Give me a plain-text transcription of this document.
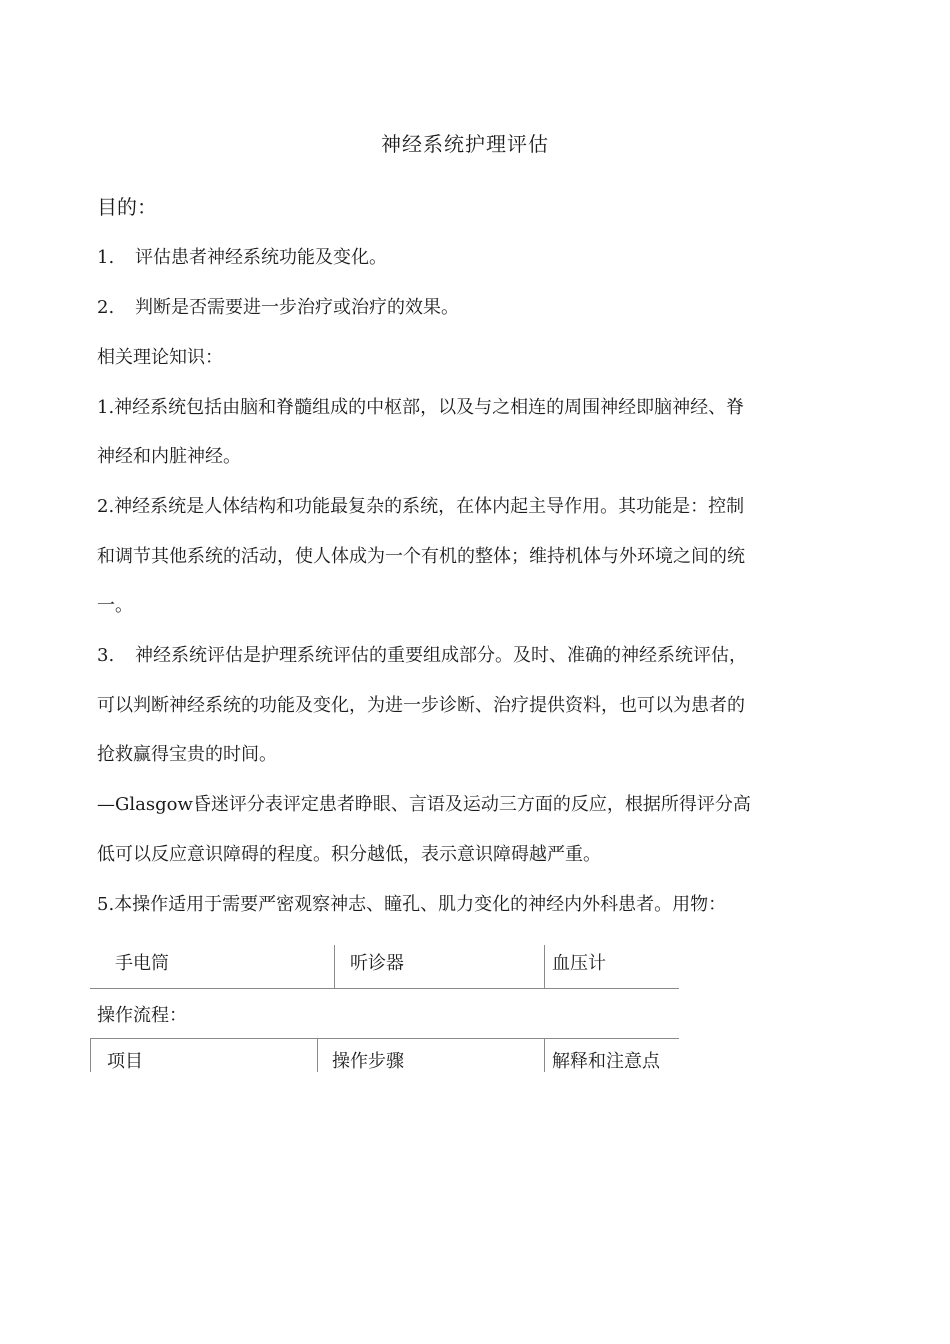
神经系统护理评估
目的：
1. 评估患者神经系统功能及变化。
2. 判断是否需要进一步治疗或治疗的效果。
相关理论知识：
1.神经系统包括由脑和脊髓组成的中枢部，以及与之相连的周围神经即脑神经、脊
神经和内脏神经。
2.神经系统是人体结构和功能最复杂的系统，在体内起主导作用。其功能是：控制
和调节其他系统的活动，使人体成为一个有机的整体；维持机体与外环境之间的统
一。
3. 神经系统评估是护理系统评估的重要组成部分。及时、准确的神经系统评估，
可以判断神经系统的功能及变化，为进一步诊断、治疗提供资料，也可以为患者的
抢救赢得宝贵的时间。
—Glasgow昏迷评分表评定患者睁眼、言语及运动三方面的反应，根据所得评分高
低可以反应意识障碍的程度。积分越低，表示意识障碍越严重。
5.本操作适用于需要严密观察神志、瞳孔、肌力变化的神经内外科患者。用物：
手电筒	听诊器	血压计
操作流程：
项目	操作步骤	解释和注意点
